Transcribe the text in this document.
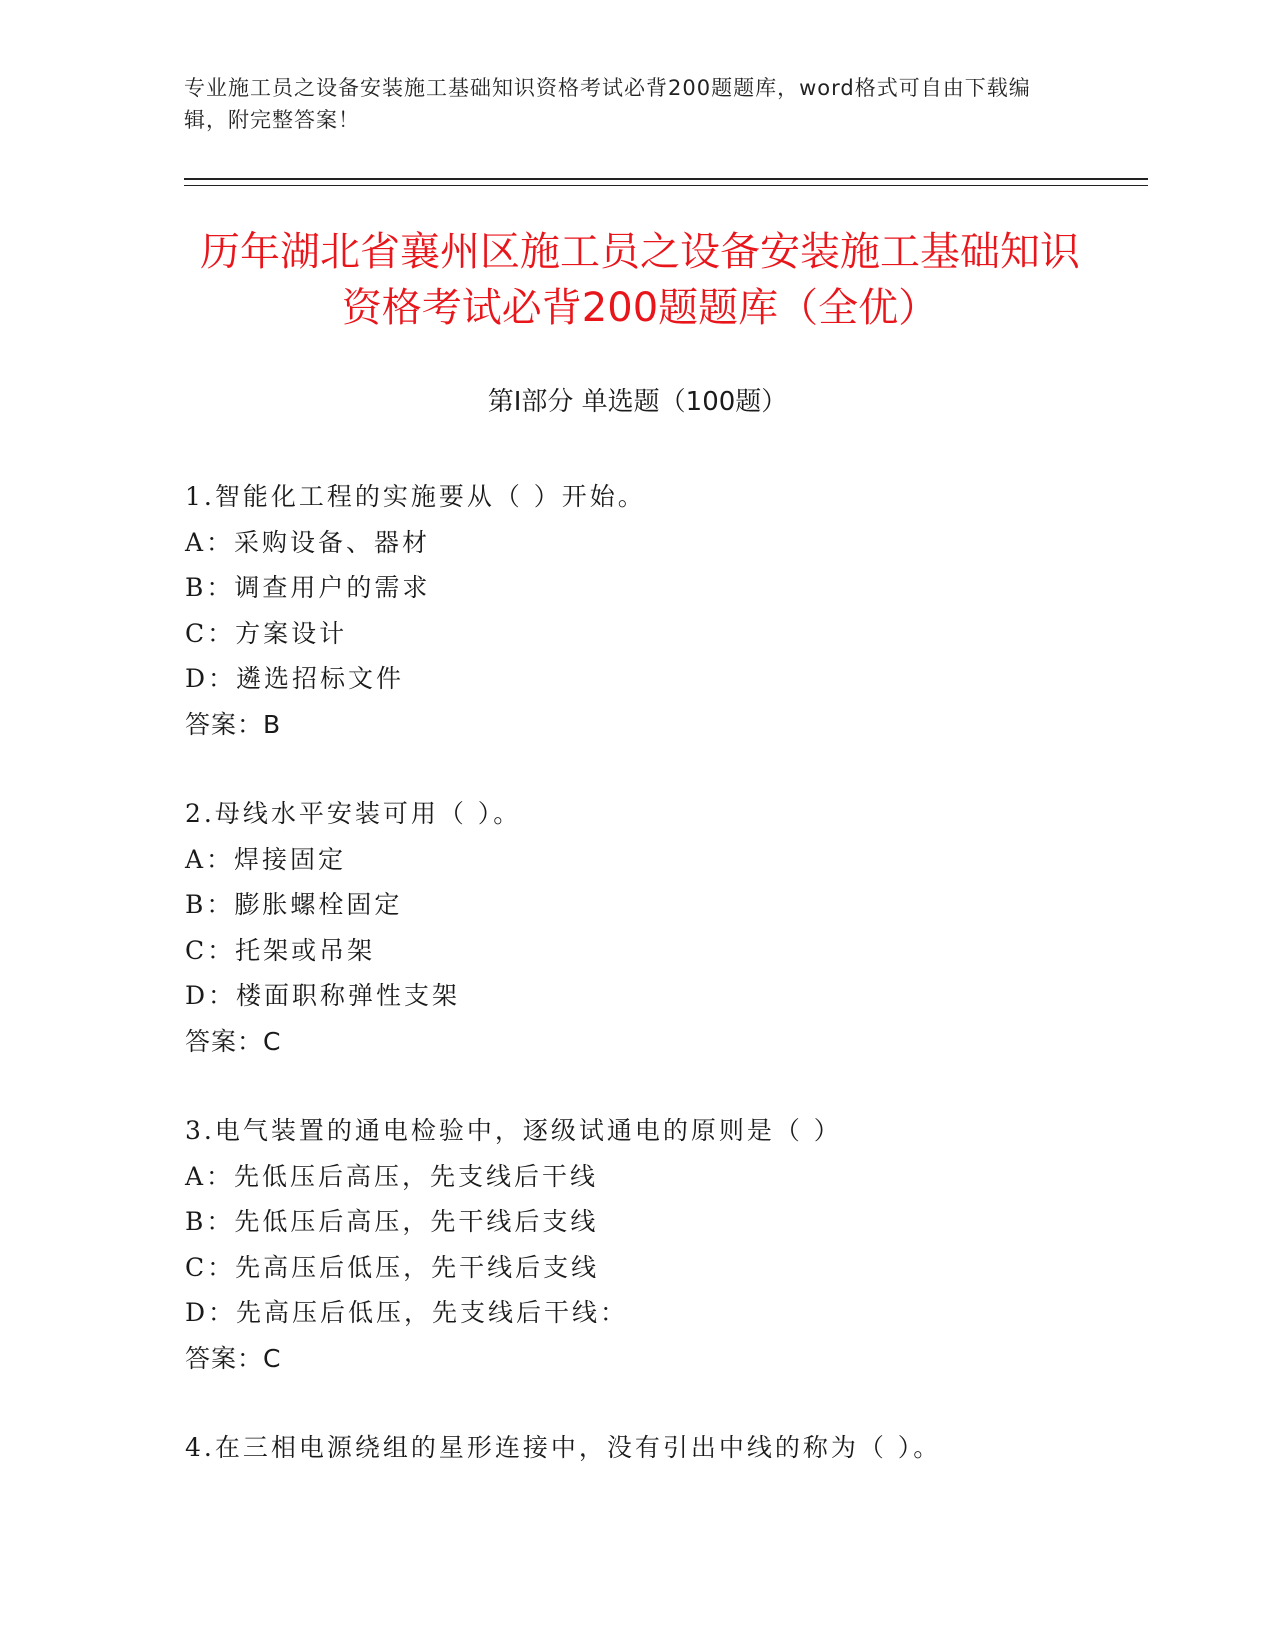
专业施工员之设备安装施工基础知识资格考试必背200题题库，word格式可自由下载编辑，附完整答案！
历年湖北省襄州区施工员之设备安装施工基础知识资格考试必背200题题库（全优）
第I部分 单选题（100题）
1.智能化工程的实施要从（ ）开始。
A：采购设备、器材
B：调查用户的需求
C：方案设计
D：遴选招标文件
答案：B
2.母线水平安装可用（ ）。
A：焊接固定
B：膨胀螺栓固定
C：托架或吊架
D：楼面职称弹性支架
答案：C
3.电气装置的通电检验中，逐级试通电的原则是（ ）
A：先低压后高压，先支线后干线
B：先低压后高压，先干线后支线
C：先高压后低压，先干线后支线
D：先高压后低压，先支线后干线：
答案：C
4.在三相电源绕组的星形连接中，没有引出中线的称为（ ）。
